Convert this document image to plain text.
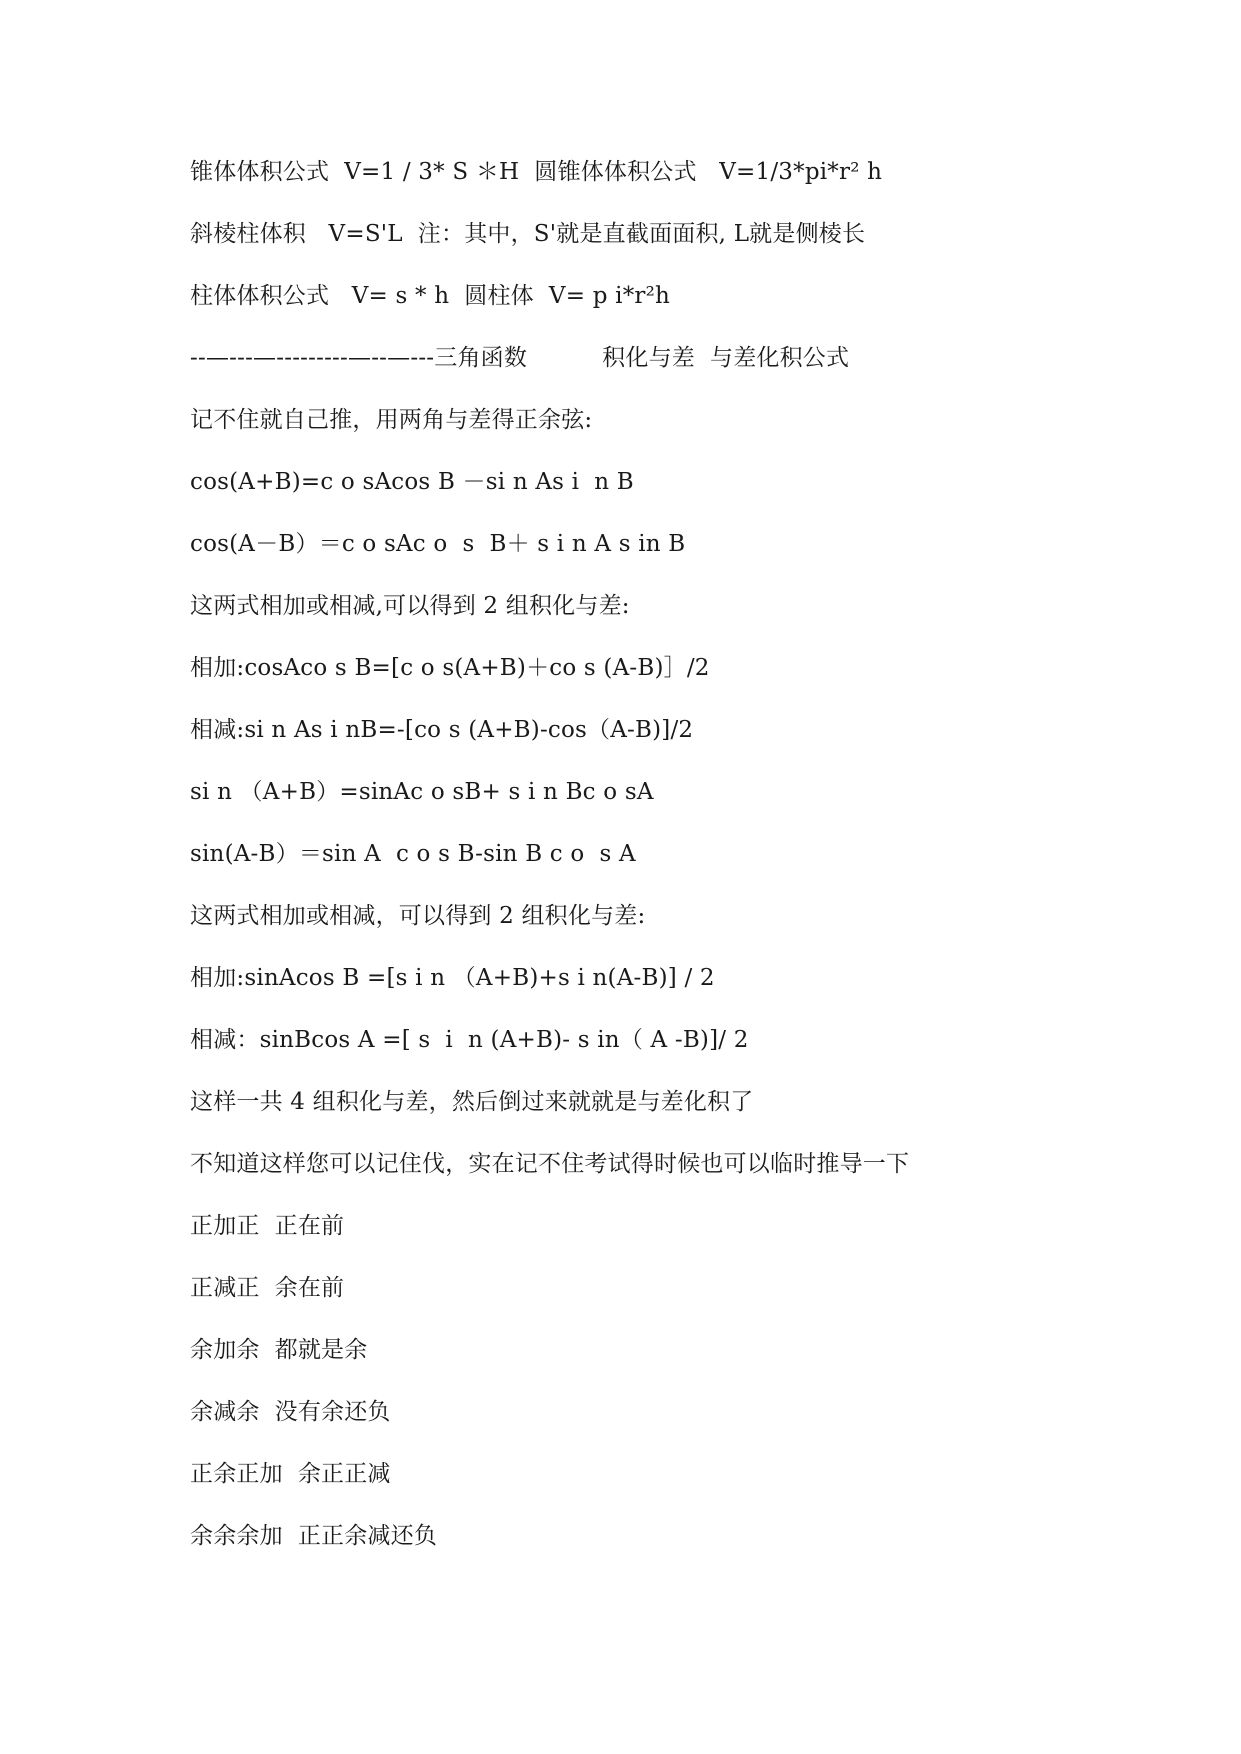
锥体体积公式  V=1 / 3* S ＊H  圆锥体体积公式   V=1/3*pi*r² h
斜棱柱体积   V=S'L  注：其中，S'就是直截面面积, L就是侧棱长
柱体体积公式   V= s * h  圆柱体  V= p i*r²h
--—---—---------—--—---三角函数          积化与差  与差化积公式
记不住就自己推，用两角与差得正余弦:
cos(A+B)=c o sAcos B －si n As i  n B
cos(A－B）＝c o sAc o  s  B＋ s i n A s in B
这两式相加或相减,可以得到 2 组积化与差:
相加:cosAco s B=[c o s(A+B)＋co s (A-B)］/2
相减:si n As i nB=-[co s (A+B)-cos（A-B)]/2
si n （A+B）=sinAc o sB+ s i n Bc o sA
sin(A-B）＝sin A  c o s B-sin B c o  s A
这两式相加或相减，可以得到 2 组积化与差:
相加:sinAcos B =[s i n （A+B)+s i n(A-B)] / 2
相减：sinBcos A =[ s  i  n (A+B)- s in（ A -B)]/ 2
这样一共 4 组积化与差，然后倒过来就就是与差化积了
不知道这样您可以记住伐，实在记不住考试得时候也可以临时推导一下
正加正  正在前
正减正  余在前
余加余  都就是余
余减余  没有余还负
正余正加  余正正减
余余余加  正正余减还负
